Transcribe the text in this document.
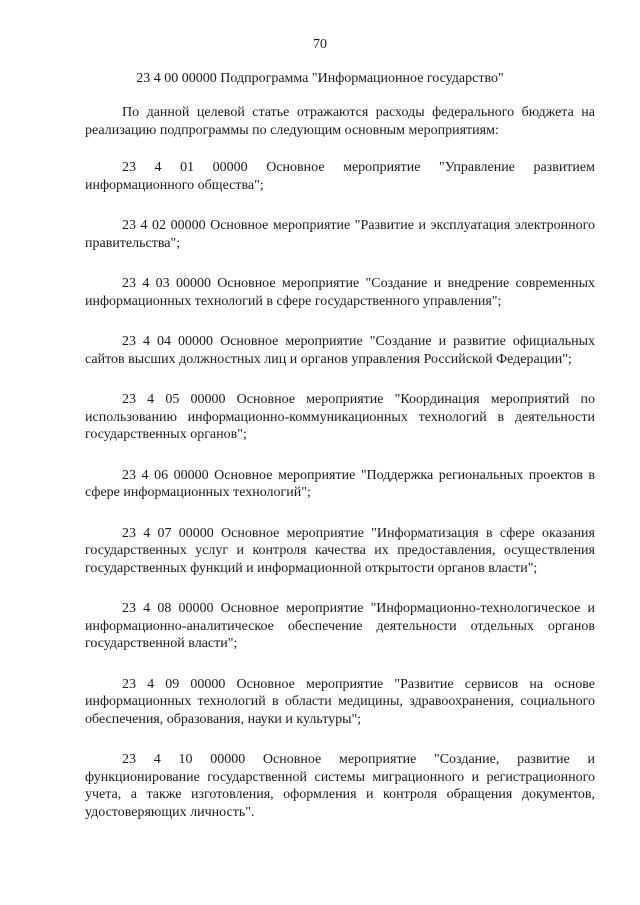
70
23 4 00 00000 Подпрограмма "Информационное государство"

По данной целевой статье отражаются расходы федерального бюджета на реализацию подпрограммы по следующим основным мероприятиям:

23 4 01 00000 Основное мероприятие "Управление развитием информационного общества";

23 4 02 00000 Основное мероприятие "Развитие и эксплуатация электронного правительства";

23 4 03 00000 Основное мероприятие "Создание и внедрение современных информационных технологий в сфере государственного управления";

23 4 04 00000 Основное мероприятие "Создание и развитие официальных сайтов высших должностных лиц и органов управления Российской Федерации";

23 4 05 00000 Основное мероприятие "Координация мероприятий по использованию информационно-коммуникационных технологий в деятельности государственных органов";

23 4 06 00000 Основное мероприятие "Поддержка региональных проектов в сфере информационных технологий";

23 4 07 00000 Основное мероприятие "Информатизация в сфере оказания государственных услуг и контроля качества их предоставления, осуществления государственных функций и информационной открытости органов власти";

23 4 08 00000 Основное мероприятие "Информационно-технологическое и информационно-аналитическое обеспечение деятельности отдельных органов государственной власти";

23 4 09 00000 Основное мероприятие "Развитие сервисов на основе информационных технологий в области медицины, здравоохранения, социального обеспечения, образования, науки и культуры";

23 4 10 00000 Основное мероприятие "Создание, развитие и функционирование государственной системы миграционного и регистрационного учета, а также изготовления, оформления и контроля обращения документов, удостоверяющих личность".
